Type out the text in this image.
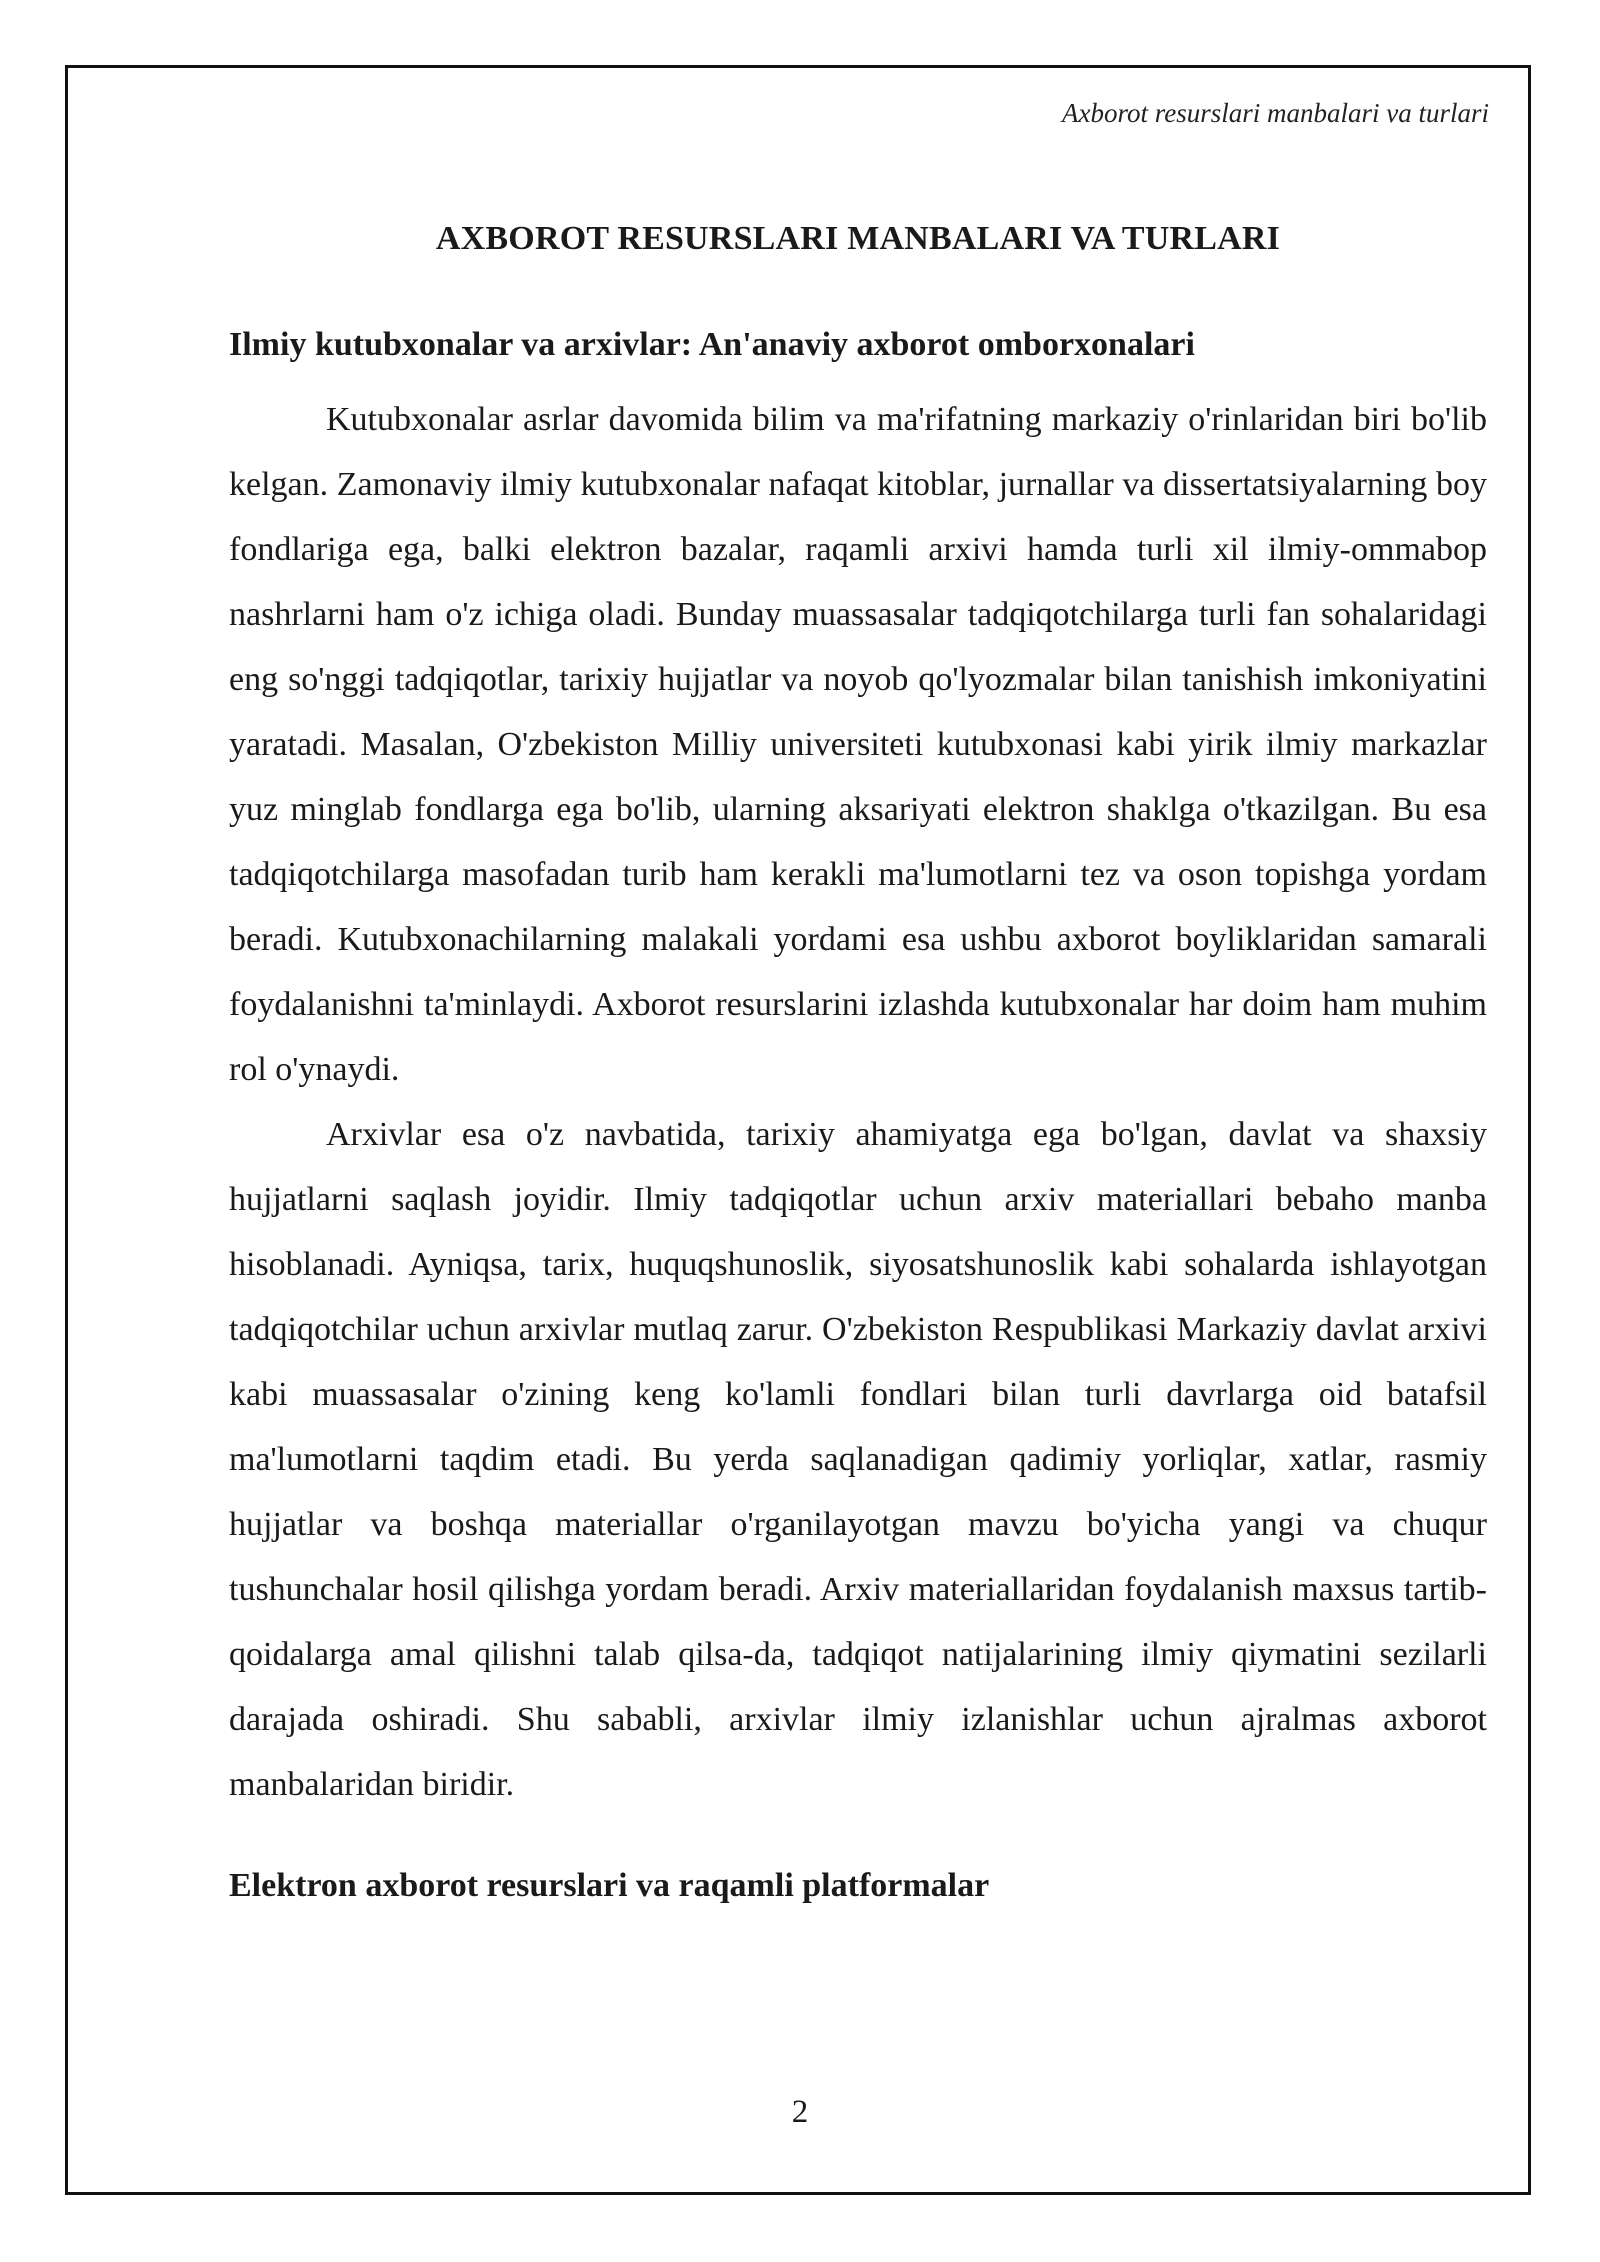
Axborot resurslari manbalari va turlari
AXBOROT RESURSLARI MANBALARI VA TURLARI
Ilmiy kutubxonalar va arxivlar: An'anaviy axborot omborxonalari

Kutubxonalar asrlar davomida bilim va ma'rifatning markaziy o'rinlaridan biri bo'lib kelgan. Zamonaviy ilmiy kutubxonalar nafaqat kitoblar, jurnallar va dissertatsiyalarning boy fondlariga ega, balki elektron bazalar, raqamli arxivi hamda turli xil ilmiy-ommabop nashrlarni ham o'z ichiga oladi. Bunday muassasalar tadqiqotchilarga turli fan sohalaridagi eng so'nggi tadqiqotlar, tarixiy hujjatlar va noyob qo'lyozmalar bilan tanishish imkoniyatini yaratadi. Masalan, O'zbekiston Milliy universiteti kutubxonasi kabi yirik ilmiy markazlar yuz minglab fondlarga ega bo'lib, ularning aksariyati elektron shaklga o'tkazilgan. Bu esa tadqiqotchilarga masofadan turib ham kerakli ma'lumotlarni tez va oson topishga yordam beradi. Kutubxonachilarning malakali yordami esa ushbu axborot boyliklaridan samarali foydalanishni ta'minlaydi. Axborot resurslarini izlashda kutubxonalar har doim ham muhim rol o'ynaydi.

Arxivlar esa o'z navbatida, tarixiy ahamiyatga ega bo'lgan, davlat va shaxsiy hujjatlarni saqlash joyidir. Ilmiy tadqiqotlar uchun arxiv materiallari bebaho manba hisoblanadi. Ayniqsa, tarix, huquqshunoslik, siyosatshunoslik kabi sohalarda ishlayotgan tadqiqotchilar uchun arxivlar mutlaq zarur. O'zbekiston Respublikasi Markaziy davlat arxivi kabi muassasalar o'zining keng ko'lamli fondlari bilan turli davrlarga oid batafsil ma'lumotlarni taqdim etadi. Bu yerda saqlanadigan qadimiy yorliqlar, xatlar, rasmiy hujjatlar va boshqa materiallar o'rganilayotgan mavzu bo'yicha yangi va chuqur tushunchalar hosil qilishga yordam beradi. Arxiv materiallaridan foydalanish maxsus tartib-qoidalarga amal qilishni talab qilsa-da, tadqiqot natijalarining ilmiy qiymatini sezilarli darajada oshiradi. Shu sababli, arxivlar ilmiy izlanishlar uchun ajralmas axborot manbalaridan biridir.

Elektron axborot resurslari va raqamli platformalar
2
